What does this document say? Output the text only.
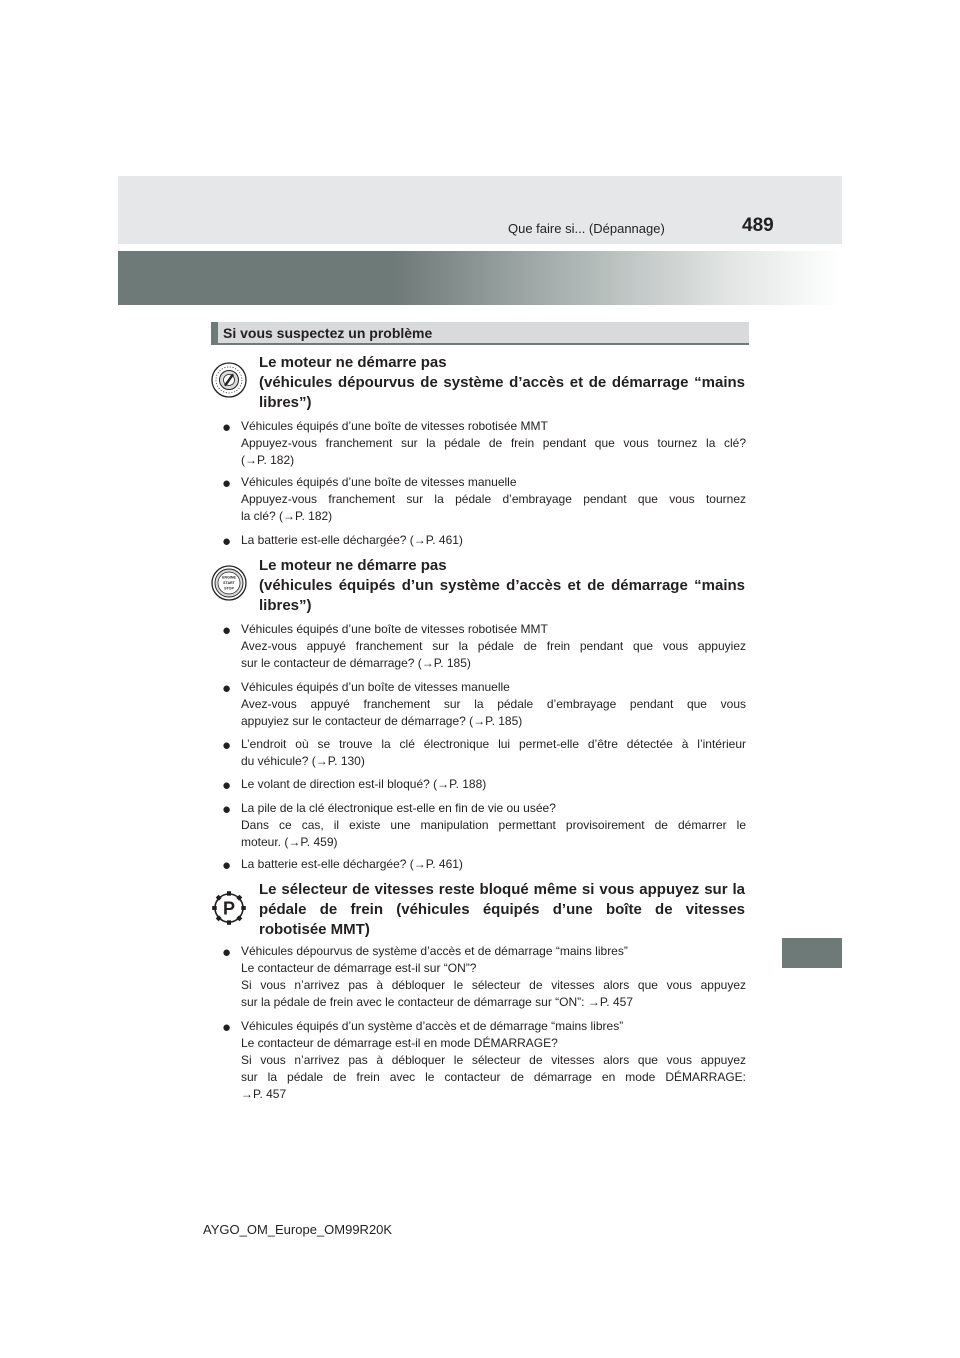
Que faire si... (Dépannage)	489
Si vous suspectez un problème
Le moteur ne démarre pas
(véhicules dépourvus de système d’accès et de démarrage “mains
libres”)
● Véhicules équipés d’une boîte de vitesses robotisée MMT
Appuyez-vous franchement sur la pédale de frein pendant que vous tournez la clé?
(→P. 182)
● Véhicules équipés d’une boîte de vitesses manuelle
Appuyez-vous franchement sur la pédale d’embrayage pendant que vous tournez
la clé? (→P. 182)
● La batterie est-elle déchargée? (→P. 461)
ENGINE
START
STOP
Le moteur ne démarre pas
(véhicules équipés d’un système d’accès et de démarrage “mains
libres”)
● Véhicules équipés d’une boîte de vitesses robotisée MMT
Avez-vous appuyé franchement sur la pédale de frein pendant que vous appuyiez
sur le contacteur de démarrage? (→P. 185)
● Véhicules équipés d’un boîte de vitesses manuelle
Avez-vous appuyé franchement sur la pédale d’embrayage pendant que vous
appuyiez sur le contacteur de démarrage? (→P. 185)
● L’endroit où se trouve la clé électronique lui permet-elle d’être détectée à l’intérieur
du véhicule? (→P. 130)
● Le volant de direction est-il bloqué? (→P. 188)
● La pile de la clé électronique est-elle en fin de vie ou usée?
Dans ce cas, il existe une manipulation permettant provisoirement de démarrer le
moteur. (→P. 459)
● La batterie est-elle déchargée? (→P. 461)
P
Le sélecteur de vitesses reste bloqué même si vous appuyez sur la
pédale de frein (véhicules équipés d’une boîte de vitesses
robotisée MMT)
● Véhicules dépourvus de système d’accès et de démarrage “mains libres”
Le contacteur de démarrage est-il sur “ON”?
Si vous n’arrivez pas à débloquer le sélecteur de vitesses alors que vous appuyez
sur la pédale de frein avec le contacteur de démarrage sur “ON”: →P. 457
● Véhicules équipés d’un système d’accès et de démarrage “mains libres”
Le contacteur de démarrage est-il en mode DÉMARRAGE?
Si vous n’arrivez pas à débloquer le sélecteur de vitesses alors que vous appuyez
sur la pédale de frein avec le contacteur de démarrage en mode DÉMARRAGE:
→P. 457
AYGO_OM_Europe_OM99R20K
